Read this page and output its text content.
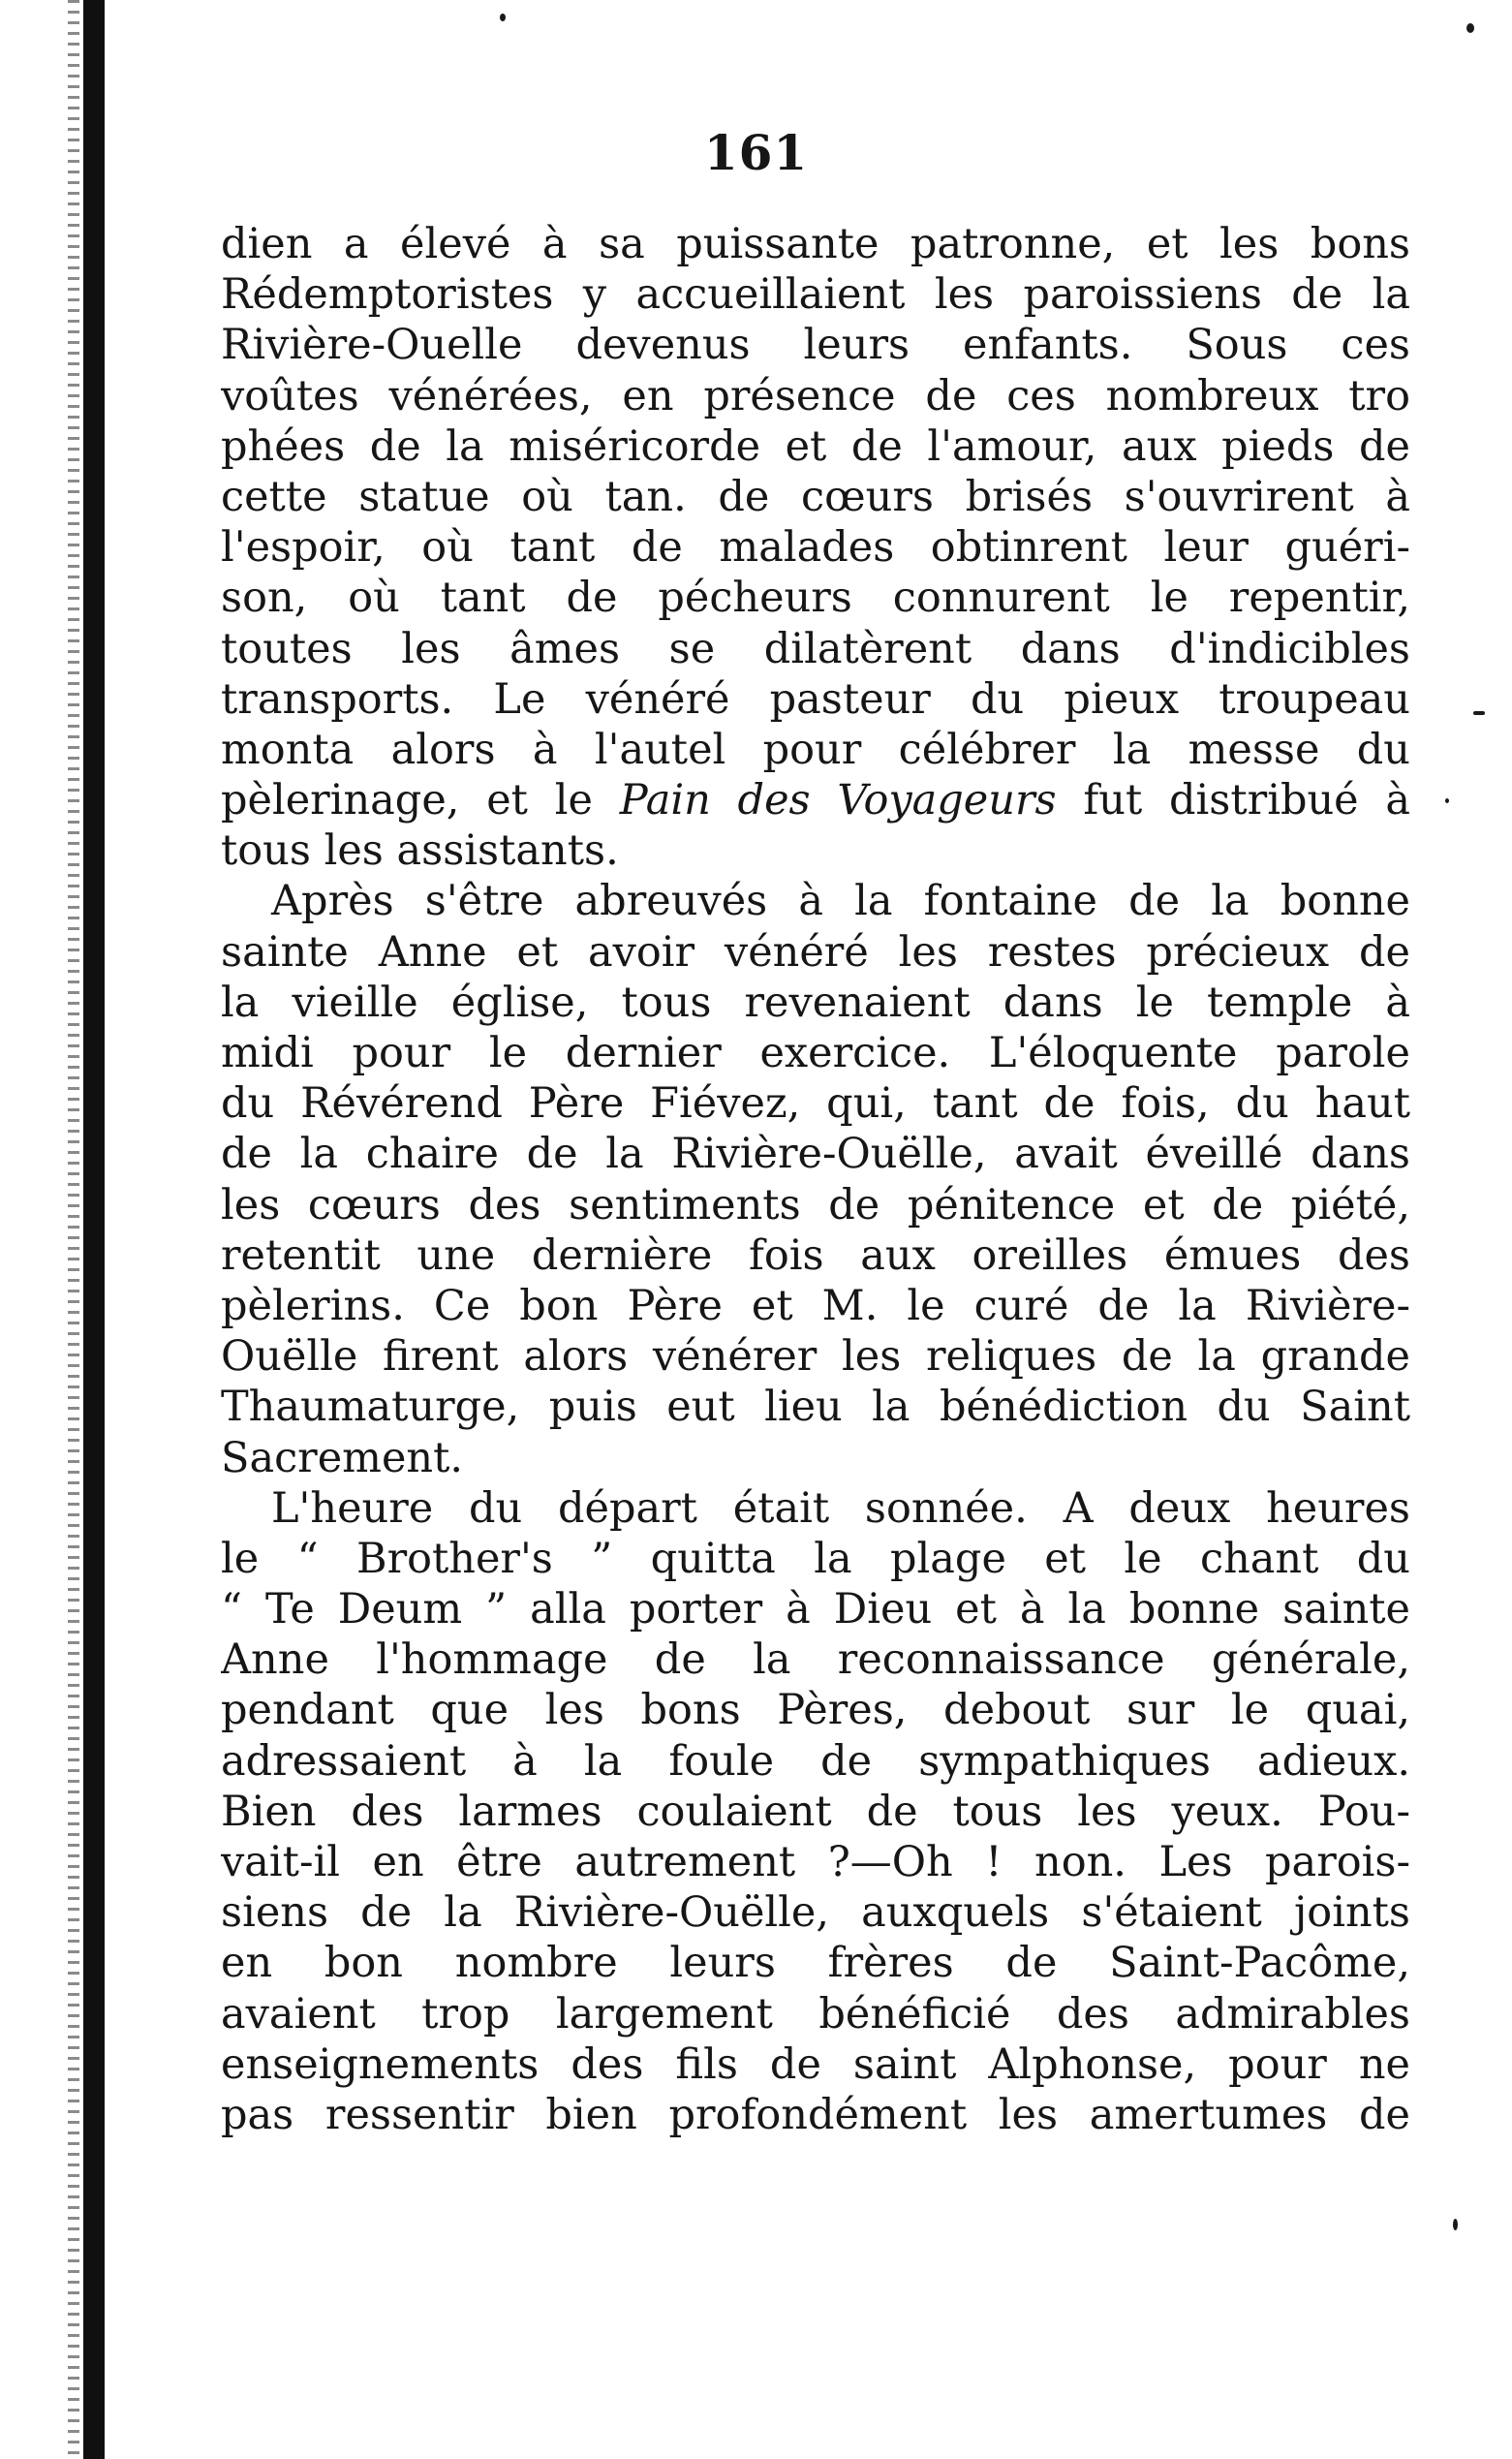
161
dien a élevé à sa puissante patronne, et les bons
Rédemptoristes y accueillaient les paroissiens de la
Rivière-Ouelle devenus leurs enfants. Sous ces
voûtes vénérées, en présence de ces nombreux tro
phées de la miséricorde et de l'amour, aux pieds de
cette statue où tan. de cœurs brisés s'ouvrirent à
l'espoir, où tant de malades obtinrent leur guéri-
son, où tant de pécheurs connurent le repentir,
toutes les âmes se dilatèrent dans d'indicibles
transports. Le vénéré pasteur du pieux troupeau
monta alors à l'autel pour célébrer la messe du
pèlerinage, et le Pain des Voyageurs fut distribué à
tous les assistants.
Après s'être abreuvés à la fontaine de la bonne
sainte Anne et avoir vénéré les restes précieux de
la vieille église, tous revenaient dans le temple à
midi pour le dernier exercice. L'éloquente parole
du Révérend Père Fiévez, qui, tant de fois, du haut
de la chaire de la Rivière-Ouëlle, avait éveillé dans
les cœurs des sentiments de pénitence et de piété,
retentit une dernière fois aux oreilles émues des
pèlerins. Ce bon Père et M. le curé de la Rivière-
Ouëlle firent alors vénérer les reliques de la grande
Thaumaturge, puis eut lieu la bénédiction du Saint
Sacrement.
L'heure du départ était sonnée. A deux heures
le “ Brother's ” quitta la plage et le chant du
“ Te Deum ” alla porter à Dieu et à la bonne sainte
Anne l'hommage de la reconnaissance générale,
pendant que les bons Pères, debout sur le quai,
adressaient à la foule de sympathiques adieux.
Bien des larmes coulaient de tous les yeux. Pou-
vait-il en être autrement ?—Oh ! non. Les parois-
siens de la Rivière-Ouëlle, auxquels s'étaient joints
en bon nombre leurs frères de Saint-Pacôme,
avaient trop largement bénéficié des admirables
enseignements des fils de saint Alphonse, pour ne
pas ressentir bien profondément les amertumes de
